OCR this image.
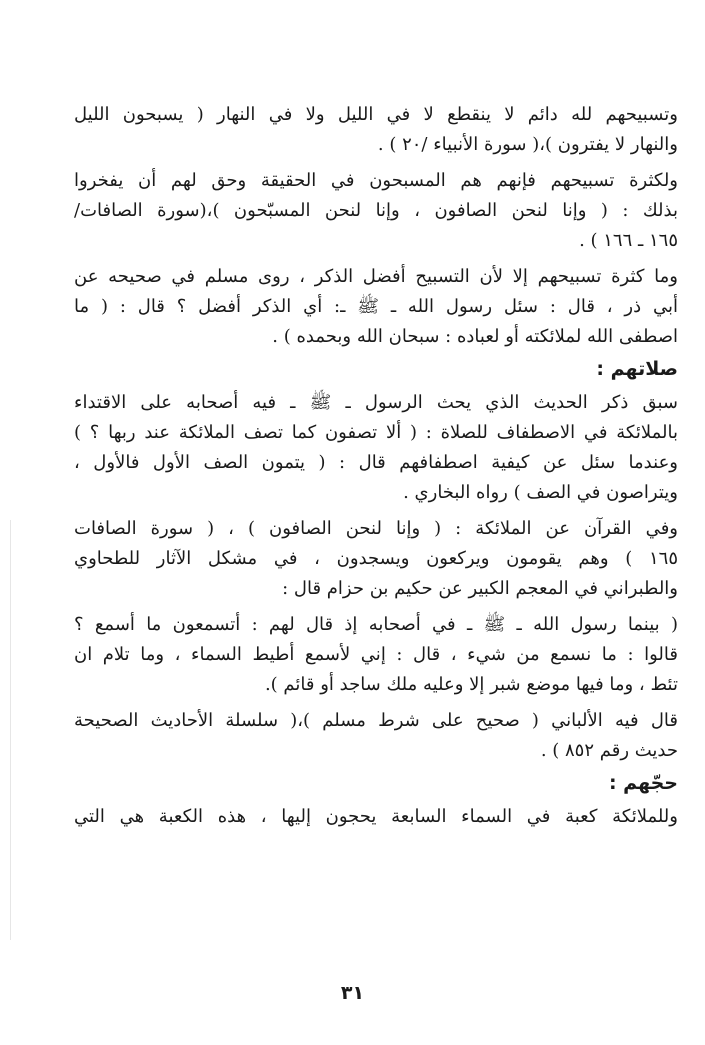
وتسبيحهم لله دائم لا ينقطع لا في الليل ولا في النهار ( يسبحون الليل
والنهار لا يفترون )،( سورة الأنبياء /٢٠ ) .
ولكثرة تسبيحهم فإنهم هم المسبحون في الحقيقة وحق لهم أن يفخروا
بذلك : ( وإنا لنحن الصافون ، وإنا لنحن المسبّحون )،(سورة الصافات/
١٦٥ ـ ١٦٦ ) .
وما كثرة تسبيحهم إلا لأن التسبيح أفضل الذكر ، روى مسلم في صحيحه عن
أبي ذر ، قال : سئل رسول الله ـ ﷺ ـ: أي الذكر أفضل ؟ قال : ( ما
اصطفى الله لملائكته أو لعباده : سبحان الله وبحمده ) .
صلاتهم :
سبق ذكر الحديث الذي يحث الرسول ـ ﷺ ـ فيه أصحابه على الاقتداء
بالملائكة في الاصطفاف للصلاة : ( ألا تصفون كما تصف الملائكة عند ربها ؟ )
وعندما سئل عن كيفية اصطفافهم قال : ( يتمون الصف الأول فالأول ،
ويتراصون في الصف ) رواه البخاري .
وفي القرآن عن الملائكة : ( وإنا لنحن الصافون ) ، ( سورة الصافات
١٦٥ ) وهم يقومون ويركعون ويسجدون ، في مشكل الآثار للطحاوي
والطبراني في المعجم الكبير عن حكيم بن حزام قال :
( بينما رسول الله ـ ﷺ ـ في أصحابه إذ قال لهم : أتسمعون ما أسمع ؟
قالوا : ما نسمع من شيء ، قال : إني لأسمع أطيط السماء ، وما تلام ان
تئط ، وما فيها موضع شبر إلا وعليه ملك ساجد أو قائم ).
قال فيه الألباني ( صحيح على شرط مسلم )،( سلسلة الأحاديث الصحيحة
حديث رقم ٨٥٢ ) .
حجّهم :
وللملائكة كعبة في السماء السابعة يحجون إليها ، هذه الكعبة هي التي
٣١
